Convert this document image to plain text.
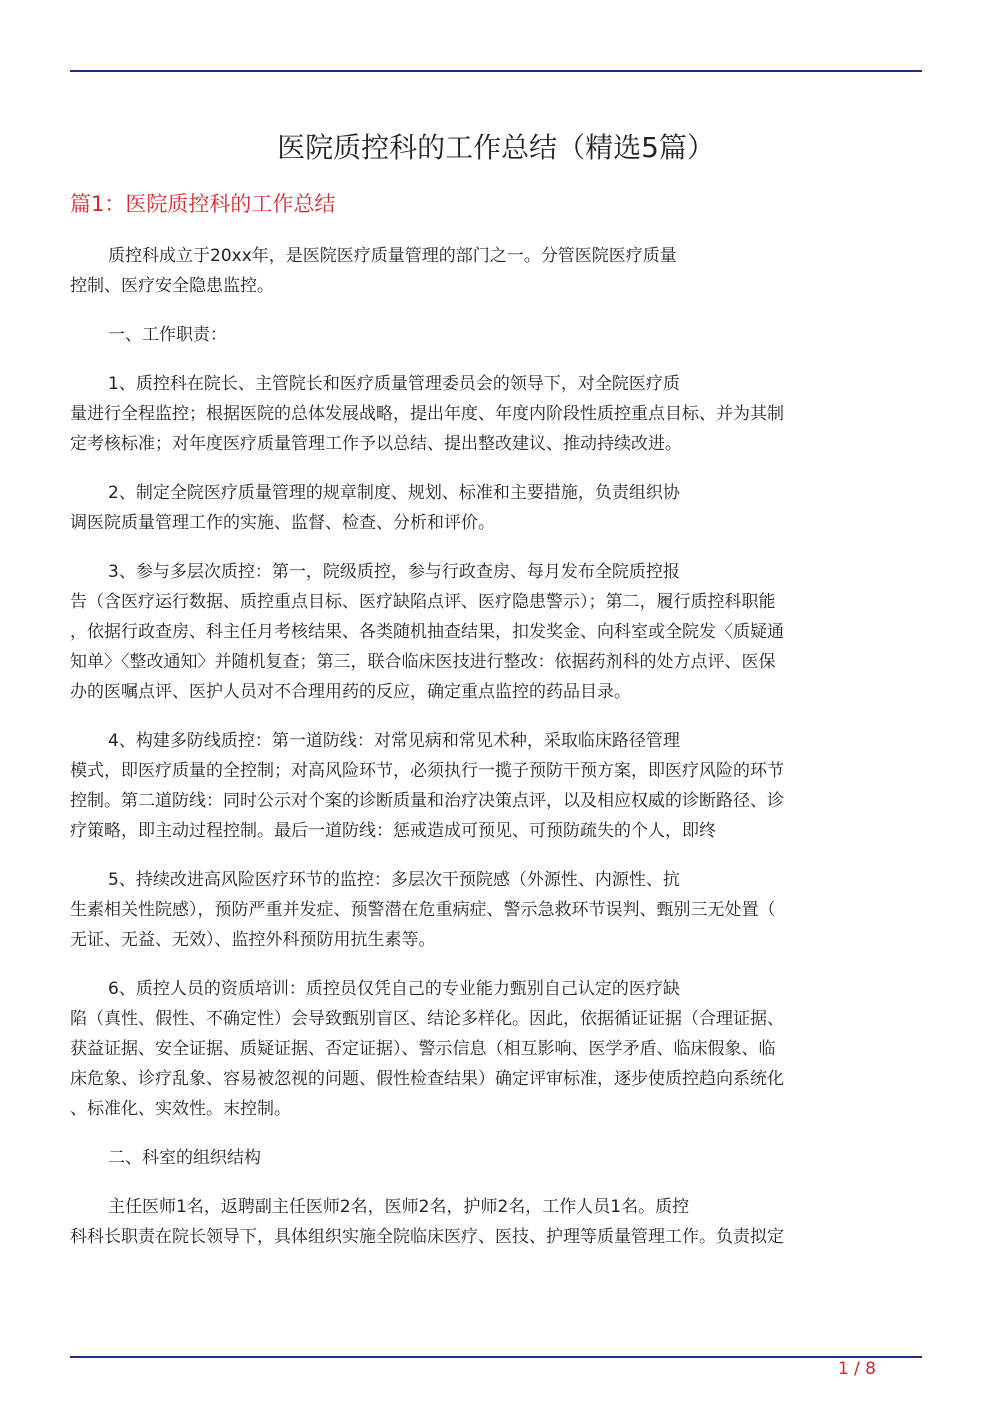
医院质控科的工作总结（精选5篇）
篇1：医院质控科的工作总结
质控科成立于20xx年，是医院医疗质量管理的部门之一。分管医院医疗质量
控制、医疗安全隐患监控。
一、工作职责：
1、质控科在院长、主管院长和医疗质量管理委员会的领导下，对全院医疗质
量进行全程监控；根据医院的总体发展战略，提出年度、年度内阶段性质控重点目标、并为其制
定考核标准；对年度医疗质量管理工作予以总结、提出整改建议、推动持续改进。
2、制定全院医疗质量管理的规章制度、规划、标准和主要措施，负责组织协
调医院质量管理工作的实施、监督、检查、分析和评价。
3、参与多层次质控：第一，院级质控，参与行政查房、每月发布全院质控报
告（含医疗运行数据、质控重点目标、医疗缺陷点评、医疗隐患警示）；第二，履行质控科职能
，依据行政查房、科主任月考核结果、各类随机抽查结果，扣发奖金、向科室或全院发〈质疑通
知单〉〈整改通知〉并随机复查；第三，联合临床医技进行整改：依据药剂科的处方点评、医保
办的医嘱点评、医护人员对不合理用药的反应，确定重点监控的药品目录。
4、构建多防线质控：第一道防线：对常见病和常见术种，采取临床路径管理
模式，即医疗质量的全控制；对高风险环节，必须执行一揽子预防干预方案，即医疗风险的环节
控制。第二道防线：同时公示对个案的诊断质量和治疗决策点评，以及相应权威的诊断路径、诊
疗策略，即主动过程控制。最后一道防线：惩戒造成可预见、可预防疏失的个人，即终
5、持续改进高风险医疗环节的监控：多层次干预院感（外源性、内源性、抗
生素相关性院感），预防严重并发症、预警潜在危重病症、警示急救环节误判、甄别三无处置（
无证、无益、无效）、监控外科预防用抗生素等。
6、质控人员的资质培训：质控员仅凭自己的专业能力甄别自己认定的医疗缺
陷（真性、假性、不确定性）会导致甄别盲区、结论多样化。因此，依据循证证据（合理证据、
获益证据、安全证据、质疑证据、否定证据）、警示信息（相互影响、医学矛盾、临床假象、临
床危象、诊疗乱象、容易被忽视的问题、假性检查结果）确定评审标准，逐步使质控趋向系统化
、标准化、实效性。末控制。
二、科室的组织结构
主任医师1名，返聘副主任医师2名，医师2名，护师2名，工作人员1名。质控
科科长职责在院长领导下，具体组织实施全院临床医疗、医技、护理等质量管理工作。负责拟定
1 / 8
